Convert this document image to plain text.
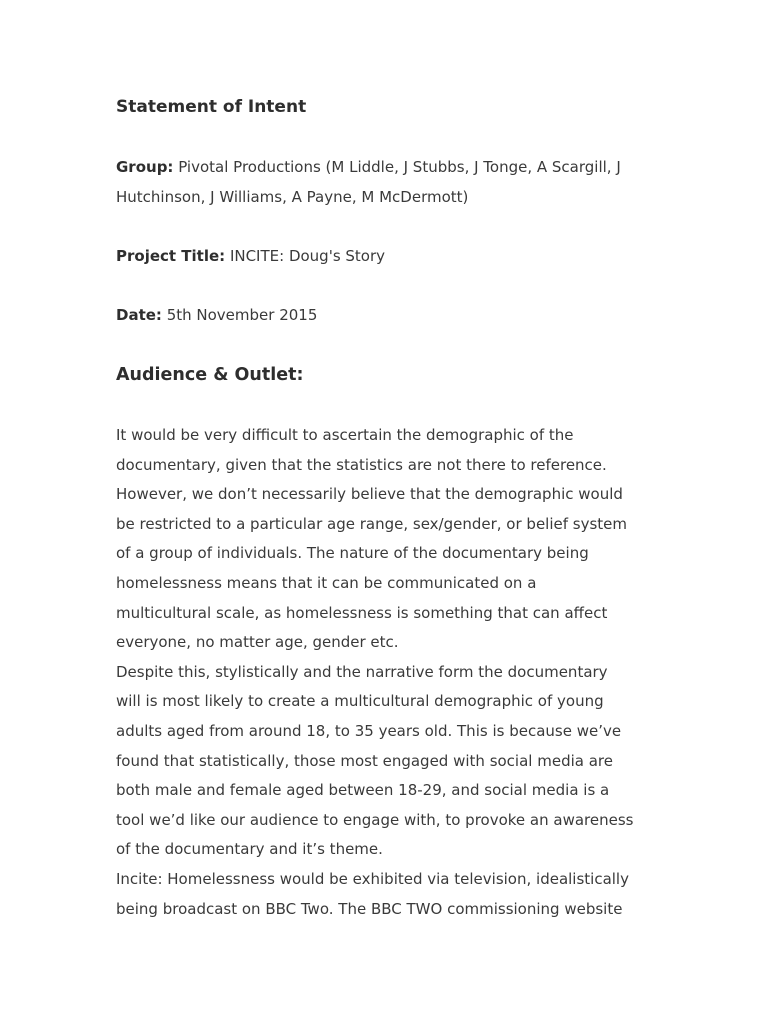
Statement of Intent

Group: Pivotal Productions (M Liddle, J Stubbs, J Tonge, A Scargill, J Hutchinson, J Williams, A Payne, M McDermott)

Project Title: INCITE: Doug's Story

Date: 5th November 2015

Audience & Outlet:
It would be very difficult to ascertain the demographic of the
documentary, given that the statistics are not there to reference.
However, we don’t necessarily believe that the demographic would
be restricted to a particular age range, sex/gender, or belief system
of a group of individuals. The nature of the documentary being
homelessness means that it can be communicated on a
multicultural scale, as homelessness is something that can affect
everyone, no matter age, gender etc.
Despite this, stylistically and the narrative form the documentary
will is most likely to create a multicultural demographic of young
adults aged from around 18, to 35 years old. This is because we’ve
found that statistically, those most engaged with social media are
both male and female aged between 18-29, and social media is a
tool we’d like our audience to engage with, to provoke an awareness
of the documentary and it’s theme.
Incite: Homelessness would be exhibited via television, idealistically
being broadcast on BBC Two. The BBC TWO commissioning website
